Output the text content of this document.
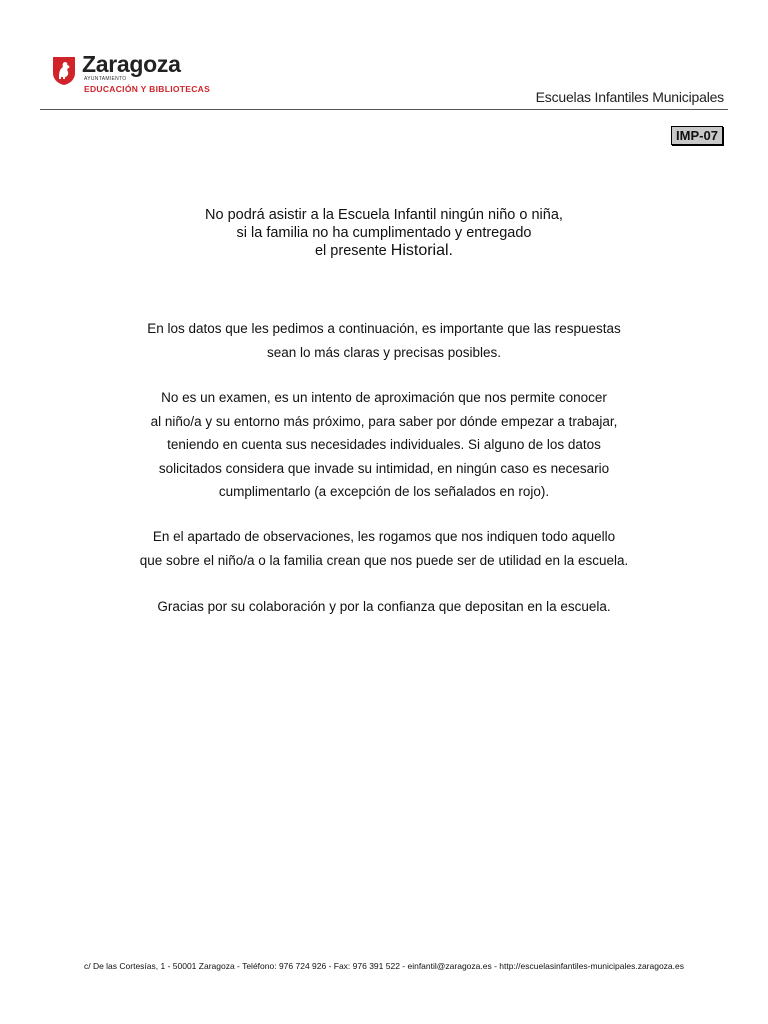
Zaragoza
AYUNTAMIENTO
EDUCACIÓN Y BIBLIOTECAS	Escuelas Infantiles Municipales
IMP-07
No podrá asistir a la Escuela Infantil ningún niño o niña,
si la familia no ha cumplimentado y entregado
el presente Historial.
En los datos que les pedimos a continuación, es importante que las respuestas
sean lo más claras y precisas posibles.
No es un examen, es un intento de aproximación que nos permite conocer
al niño/a y su entorno más próximo, para saber por dónde empezar a trabajar,
teniendo en cuenta sus necesidades individuales. Si alguno de los datos
solicitados considera que invade su intimidad, en ningún caso es necesario
cumplimentarlo (a excepción de los señalados en rojo).
En el apartado de observaciones, les rogamos que nos indiquen todo aquello
que sobre el niño/a o la familia crean que nos puede ser de utilidad en la escuela.
Gracias por su colaboración y por la confianza que depositan en la escuela.
c/ De las Cortesías, 1 - 50001 Zaragoza - Teléfono: 976 724 926 - Fax: 976 391 522 - einfantil@zaragoza.es - http://escuelasinfantiles-municipales.zaragoza.es
